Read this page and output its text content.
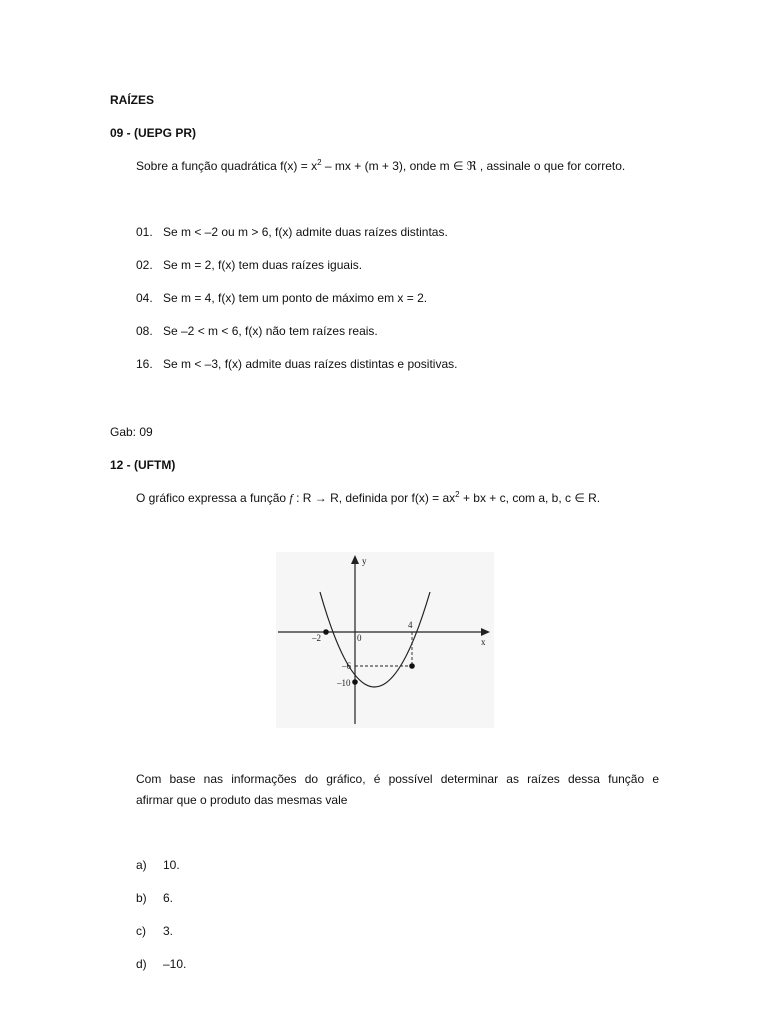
RAÍZES
09 - (UEPG PR)
Sobre a função quadrática $f(x) = x^2$ – mx + (m + 3), onde m ∈ ℜ , assinale o que for correto.
01. Se m < –2 ou m > 6, f(x) admite duas raízes distintas.
02. Se m = 2, f(x) tem duas raízes iguais.
04. Se m = 4, f(x) tem um ponto de máximo em x = 2.
08. Se –2 < m < 6, f(x) não tem raízes reais.
16. Se m < –3, f(x) admite duas raízes distintas e positivas.
Gab: 09
12 - (UFTM)
O gráfico expressa a função f : R → R, definida por $f(x) = ax^2$ + bx + c, com a, b, c ∈ R.
y
x
0
–2
4
–6
–10
Com base nas informações do gráfico, é possível determinar as raízes dessa função e
afirmar que o produto das mesmas vale
a) 10.
b) 6.
c) 3.
d) –10.
